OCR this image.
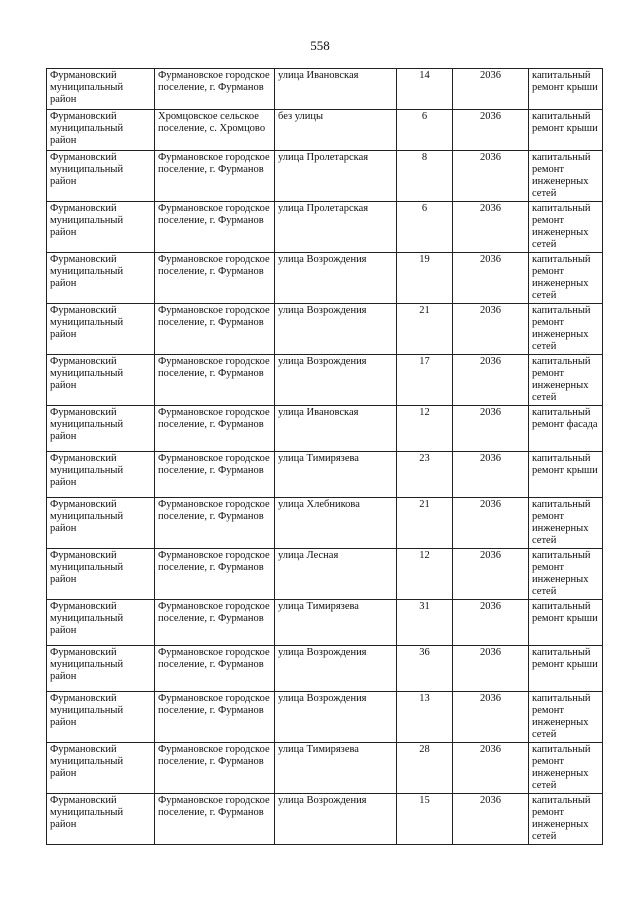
558
Фурмановский муниципальный район	Фурмановское городское поселение, г. Фурманов	улица Ивановская	14	2036	капитальный ремонт крыши
Фурмановский муниципальный район	Хромцовское сельское поселение, с. Хромцово	без улицы	6	2036	капитальный ремонт крыши
Фурмановский муниципальный район	Фурмановское городское поселение, г. Фурманов	улица Пролетарская	8	2036	капитальный ремонт инженерных сетей
Фурмановский муниципальный район	Фурмановское городское поселение, г. Фурманов	улица Пролетарская	6	2036	капитальный ремонт инженерных сетей
Фурмановский муниципальный район	Фурмановское городское поселение, г. Фурманов	улица Возрождения	19	2036	капитальный ремонт инженерных сетей
Фурмановский муниципальный район	Фурмановское городское поселение, г. Фурманов	улица Возрождения	21	2036	капитальный ремонт инженерных сетей
Фурмановский муниципальный район	Фурмановское городское поселение, г. Фурманов	улица Возрождения	17	2036	капитальный ремонт инженерных сетей
Фурмановский муниципальный район	Фурмановское городское поселение, г. Фурманов	улица Ивановская	12	2036	капитальный ремонт фасада
Фурмановский муниципальный район	Фурмановское городское поселение, г. Фурманов	улица Тимирязева	23	2036	капитальный ремонт крыши
Фурмановский муниципальный район	Фурмановское городское поселение, г. Фурманов	улица Хлебникова	21	2036	капитальный ремонт инженерных сетей
Фурмановский муниципальный район	Фурмановское городское поселение, г. Фурманов	улица Лесная	12	2036	капитальный ремонт инженерных сетей
Фурмановский муниципальный район	Фурмановское городское поселение, г. Фурманов	улица Тимирязева	31	2036	капитальный ремонт крыши
Фурмановский муниципальный район	Фурмановское городское поселение, г. Фурманов	улица Возрождения	36	2036	капитальный ремонт крыши
Фурмановский муниципальный район	Фурмановское городское поселение, г. Фурманов	улица Возрождения	13	2036	капитальный ремонт инженерных сетей
Фурмановский муниципальный район	Фурмановское городское поселение, г. Фурманов	улица Тимирязева	28	2036	капитальный ремонт инженерных сетей
Фурмановский муниципальный район	Фурмановское городское поселение, г. Фурманов	улица Возрождения	15	2036	капитальный ремонт инженерных сетей
